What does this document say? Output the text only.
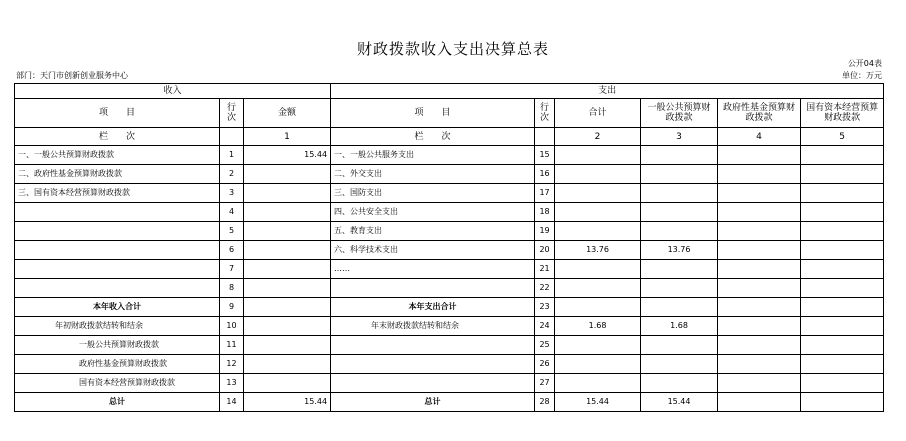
财政拨款收入支出决算总表
公开04表
单位：万元
部门：天门市创新创业服务中心
收入			支出					
项　　目	行次	金额	项　　目	行次	合计	一般公共预算财政拨款	政府性基金预算财政拨款	国有资本经营预算财政拨款
栏　　次		1	栏　　次		2	3	4	5
一、一般公共预算财政拨款	1	15.44	一、一般公共服务支出	15				
二、政府性基金预算财政拨款	2		二、外交支出	16				
三、国有资本经营预算财政拨款	3		三、国防支出	17				
	4		四、公共安全支出	18				
	5		五、教育支出	19				
	6		六、科学技术支出	20	13.76	13.76		
	7		……	21				
	8			22				
本年收入合计	9		本年支出合计	23				
年初财政拨款结转和结余	10		年末财政拨款结转和结余	24	1.68	1.68		
一般公共预算财政拨款	11			25				
政府性基金预算财政拨款	12			26				
国有资本经营预算财政拨款	13			27				
总计	14	15.44	总计	28	15.44	15.44		
